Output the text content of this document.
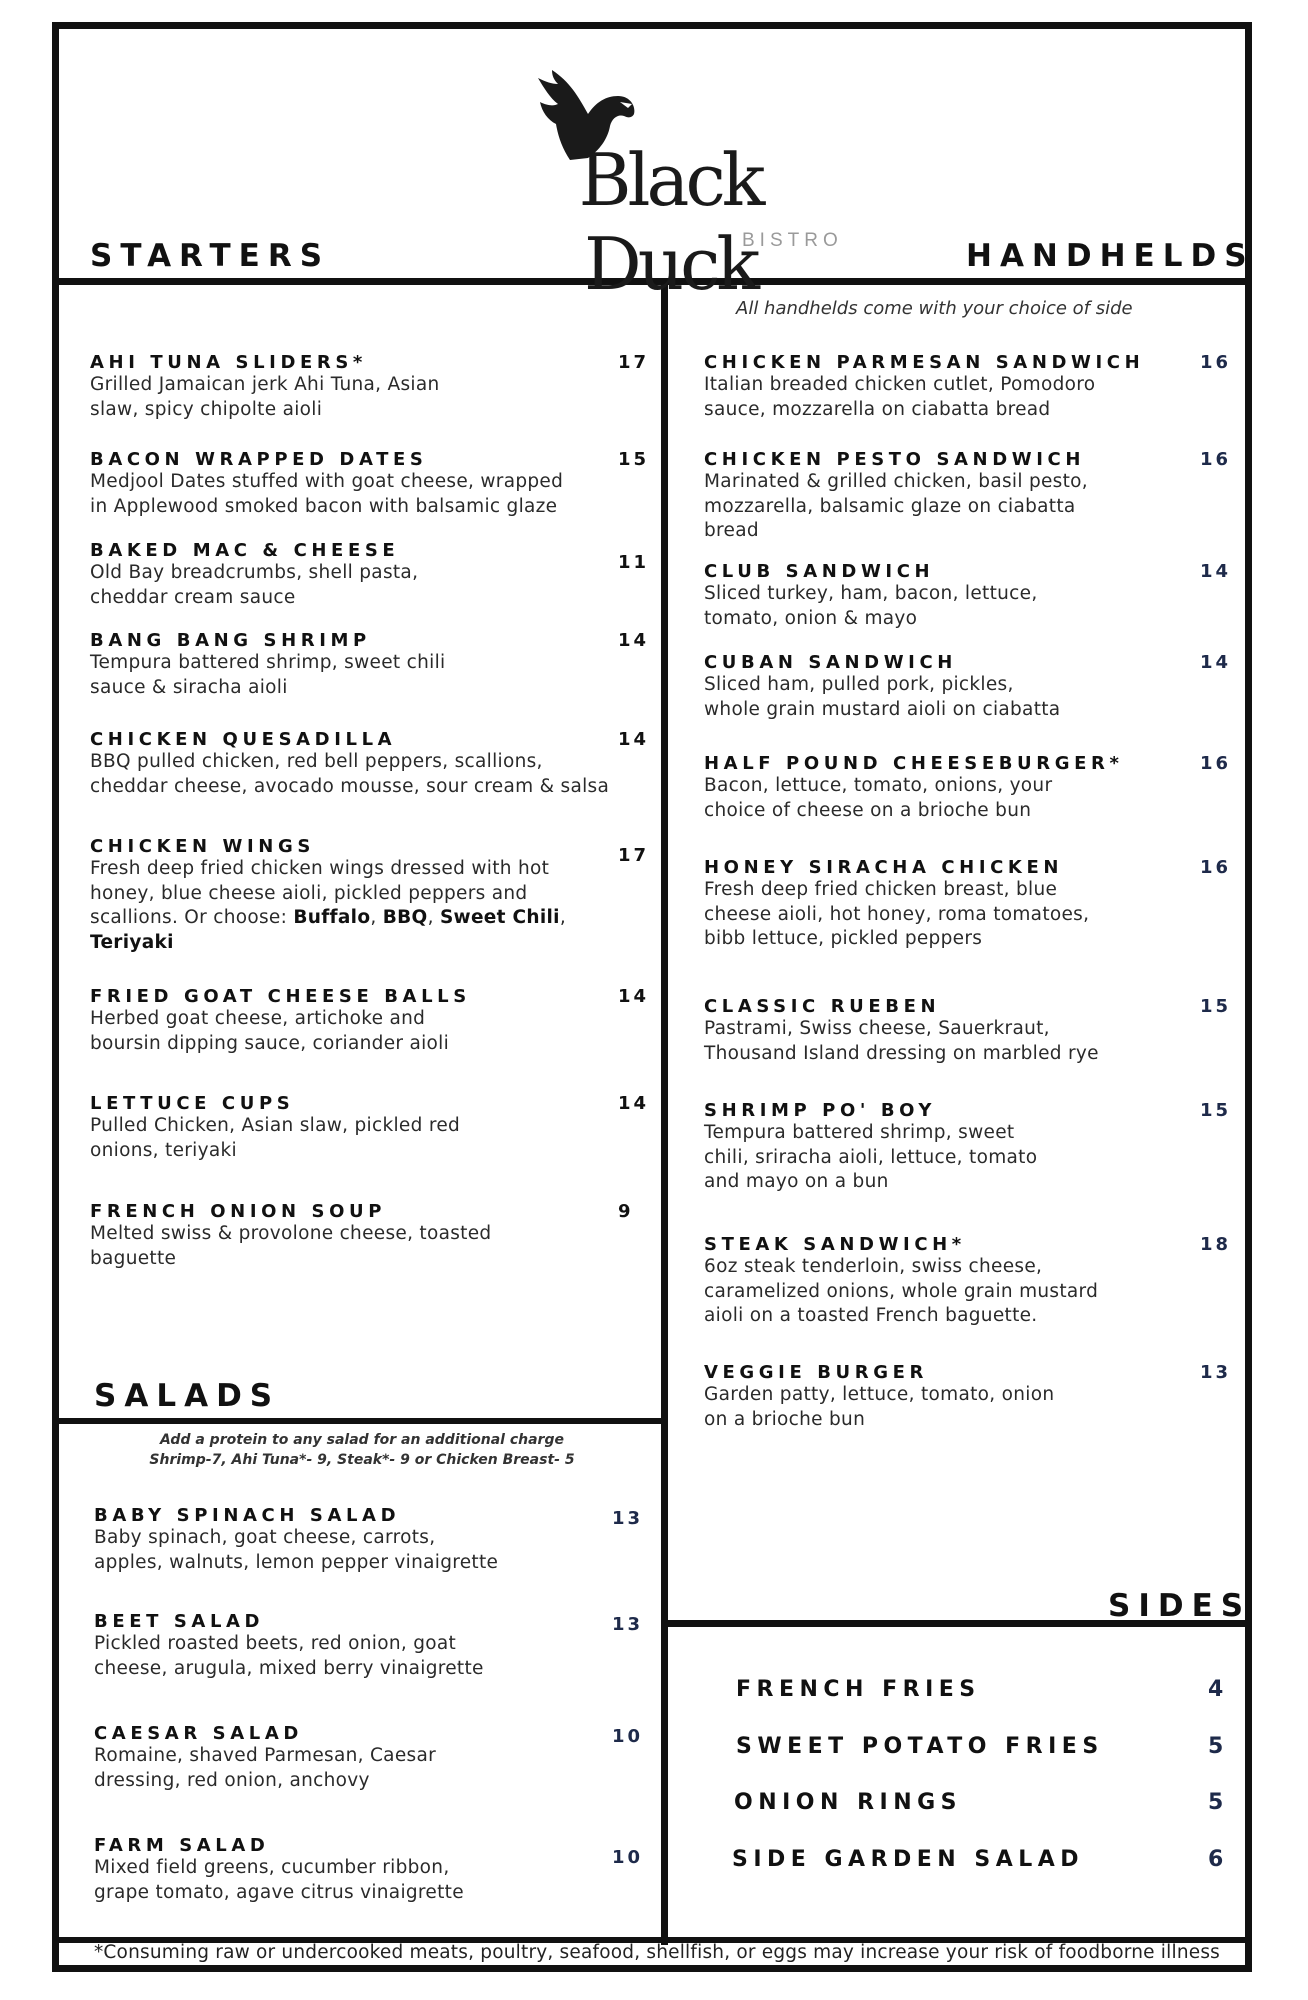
Black Duck
BISTRO
STARTERS	HANDHELDS
SALADS
SIDES
All handhelds come with your choice of side
Add a protein to any salad for an additional charge
Shrimp-7, Ahi Tuna*- 9, Steak*- 9 or Chicken Breast- 5
AHI TUNA SLIDERS*
Grilled Jamaican jerk Ahi Tuna, Asian
slaw, spicy chipolte aioli
17
BACON WRAPPED DATES
Medjool Dates stuffed with goat cheese, wrapped
in Applewood smoked bacon with balsamic glaze
15
BAKED MAC & CHEESE
Old Bay breadcrumbs, shell pasta,
cheddar cream sauce
11
BANG BANG SHRIMP
Tempura battered shrimp, sweet chili
sauce & siracha aioli
14
CHICKEN QUESADILLA
BBQ pulled chicken, red bell peppers, scallions,
cheddar cheese, avocado mousse, sour cream & salsa
14
CHICKEN WINGS
Fresh deep fried chicken wings dressed with hot
honey, blue cheese aioli, pickled peppers and
scallions. Or choose: Buffalo, BBQ, Sweet Chili,
Teriyaki
17
FRIED GOAT CHEESE BALLS
Herbed goat cheese, artichoke and
boursin dipping sauce, coriander aioli
14
LETTUCE CUPS
Pulled Chicken, Asian slaw, pickled red
onions, teriyaki
14
FRENCH ONION SOUP
Melted swiss & provolone cheese, toasted
baguette
9
BABY SPINACH SALAD
Baby spinach, goat cheese, carrots,
apples, walnuts, lemon pepper vinaigrette
13
BEET SALAD
Pickled roasted beets, red onion, goat
cheese, arugula, mixed berry vinaigrette
13
CAESAR SALAD
Romaine, shaved Parmesan, Caesar
dressing, red onion, anchovy
10
FARM SALAD
Mixed field greens, cucumber ribbon,
grape tomato, agave citrus vinaigrette
10
CHICKEN PARMESAN SANDWICH
Italian breaded chicken cutlet, Pomodoro
sauce, mozzarella on ciabatta bread
16
CHICKEN PESTO SANDWICH
Marinated & grilled chicken, basil pesto,
mozzarella, balsamic glaze on ciabatta
bread
16
CLUB SANDWICH
Sliced turkey, ham, bacon, lettuce,
tomato, onion & mayo
14
CUBAN SANDWICH
Sliced ham, pulled pork, pickles,
whole grain mustard aioli on ciabatta
14
HALF POUND CHEESEBURGER*
Bacon, lettuce, tomato, onions, your
choice of cheese on a brioche bun
16
HONEY SIRACHA CHICKEN
Fresh deep fried chicken breast, blue
cheese aioli, hot honey, roma tomatoes,
bibb lettuce, pickled peppers
16
CLASSIC RUEBEN
Pastrami, Swiss cheese, Sauerkraut,
Thousand Island dressing on marbled rye
15
SHRIMP PO' BOY
Tempura battered shrimp, sweet
chili, sriracha aioli, lettuce, tomato
and mayo on a bun
15
STEAK SANDWICH*
6oz steak tenderloin, swiss cheese,
caramelized onions, whole grain mustard
aioli on a toasted French baguette.
18
VEGGIE BURGER
Garden patty, lettuce, tomato, onion
on a brioche bun
13
FRENCH FRIES	4
SWEET POTATO FRIES	5
ONION RINGS	5
SIDE GARDEN SALAD	6
*Consuming raw or undercooked meats, poultry, seafood, shellfish, or eggs may increase your risk of foodborne illness
